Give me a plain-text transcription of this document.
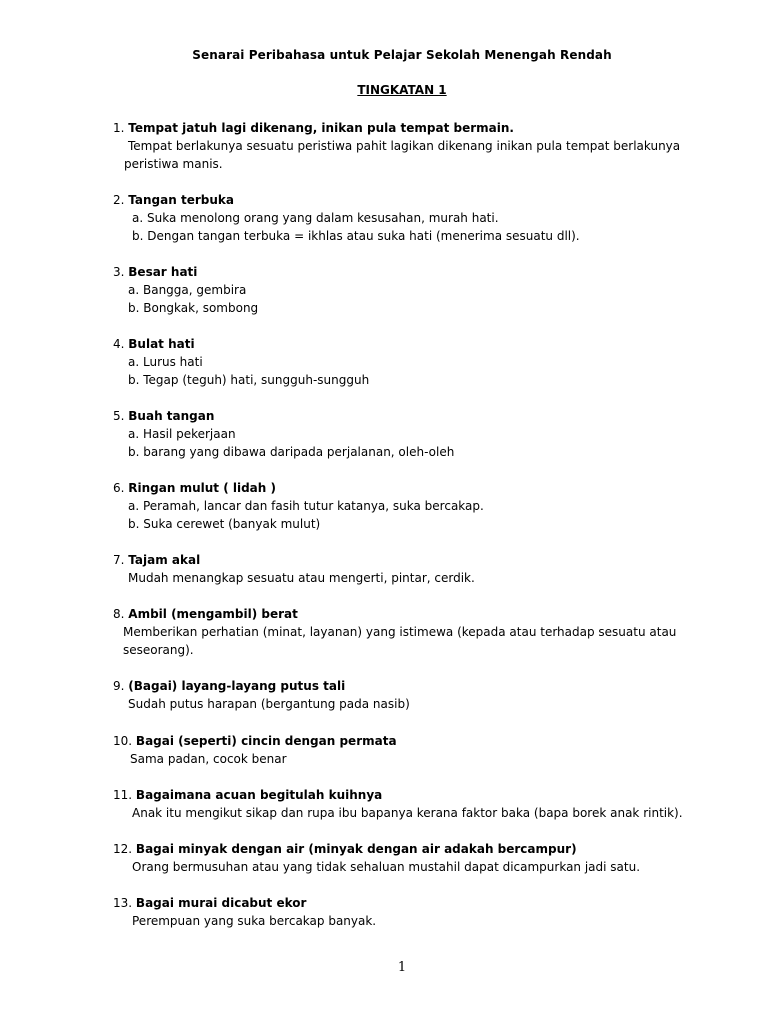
Senarai Peribahasa untuk Pelajar Sekolah Menengah Rendah
TINGKATAN 1
1. Tempat jatuh lagi dikenang, inikan pula tempat bermain.
Tempat berlakunya sesuatu peristiwa pahit lagikan dikenang inikan pula tempat berlakunya
peristiwa manis.
2. Tangan terbuka
a. Suka menolong orang yang dalam kesusahan, murah hati.
b. Dengan tangan terbuka = ikhlas atau suka hati (menerima sesuatu dll).
3. Besar hati
a. Bangga, gembira
b. Bongkak, sombong
4. Bulat hati
a. Lurus hati
b. Tegap (teguh) hati, sungguh-sungguh
5. Buah tangan
a. Hasil pekerjaan
b. barang yang dibawa daripada perjalanan, oleh-oleh
6. Ringan mulut ( lidah )
a. Peramah, lancar dan fasih tutur katanya, suka bercakap.
b. Suka cerewet (banyak mulut)
7. Tajam akal
Mudah menangkap sesuatu atau mengerti, pintar, cerdik.
8. Ambil (mengambil) berat
Memberikan perhatian (minat, layanan) yang istimewa (kepada atau terhadap sesuatu atau
seseorang).
9. (Bagai) layang-layang putus tali
Sudah putus harapan (bergantung pada nasib)
10. Bagai (seperti) cincin dengan permata
Sama padan, cocok benar
11. Bagaimana acuan begitulah kuihnya
Anak itu mengikut sikap dan rupa ibu bapanya kerana faktor baka (bapa borek anak rintik).
12. Bagai minyak dengan air (minyak dengan air adakah bercampur)
Orang bermusuhan atau yang tidak sehaluan mustahil dapat dicampurkan jadi satu.
13. Bagai murai dicabut ekor
Perempuan yang suka bercakap banyak.
1
